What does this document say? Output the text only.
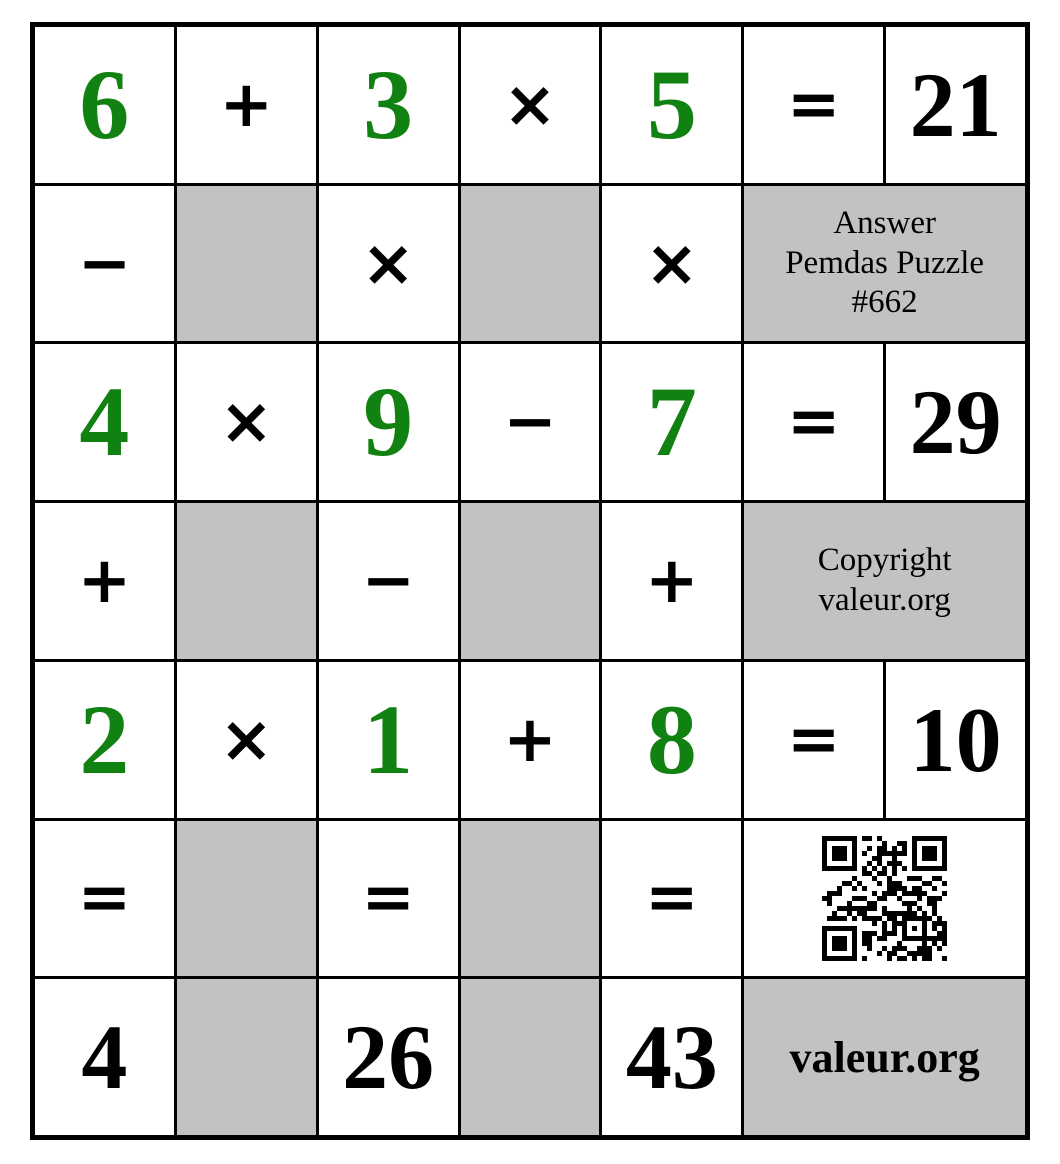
6	+ 3	× 5	= 21
−	×	×
Answer
Pemdas Puzzle
#662
4	× 9	− 7	= 29
+	−	+	Copyright
valeur.org
2	× 1	+ 8	= 10
=	=	=
4	26 43	valeur.org
